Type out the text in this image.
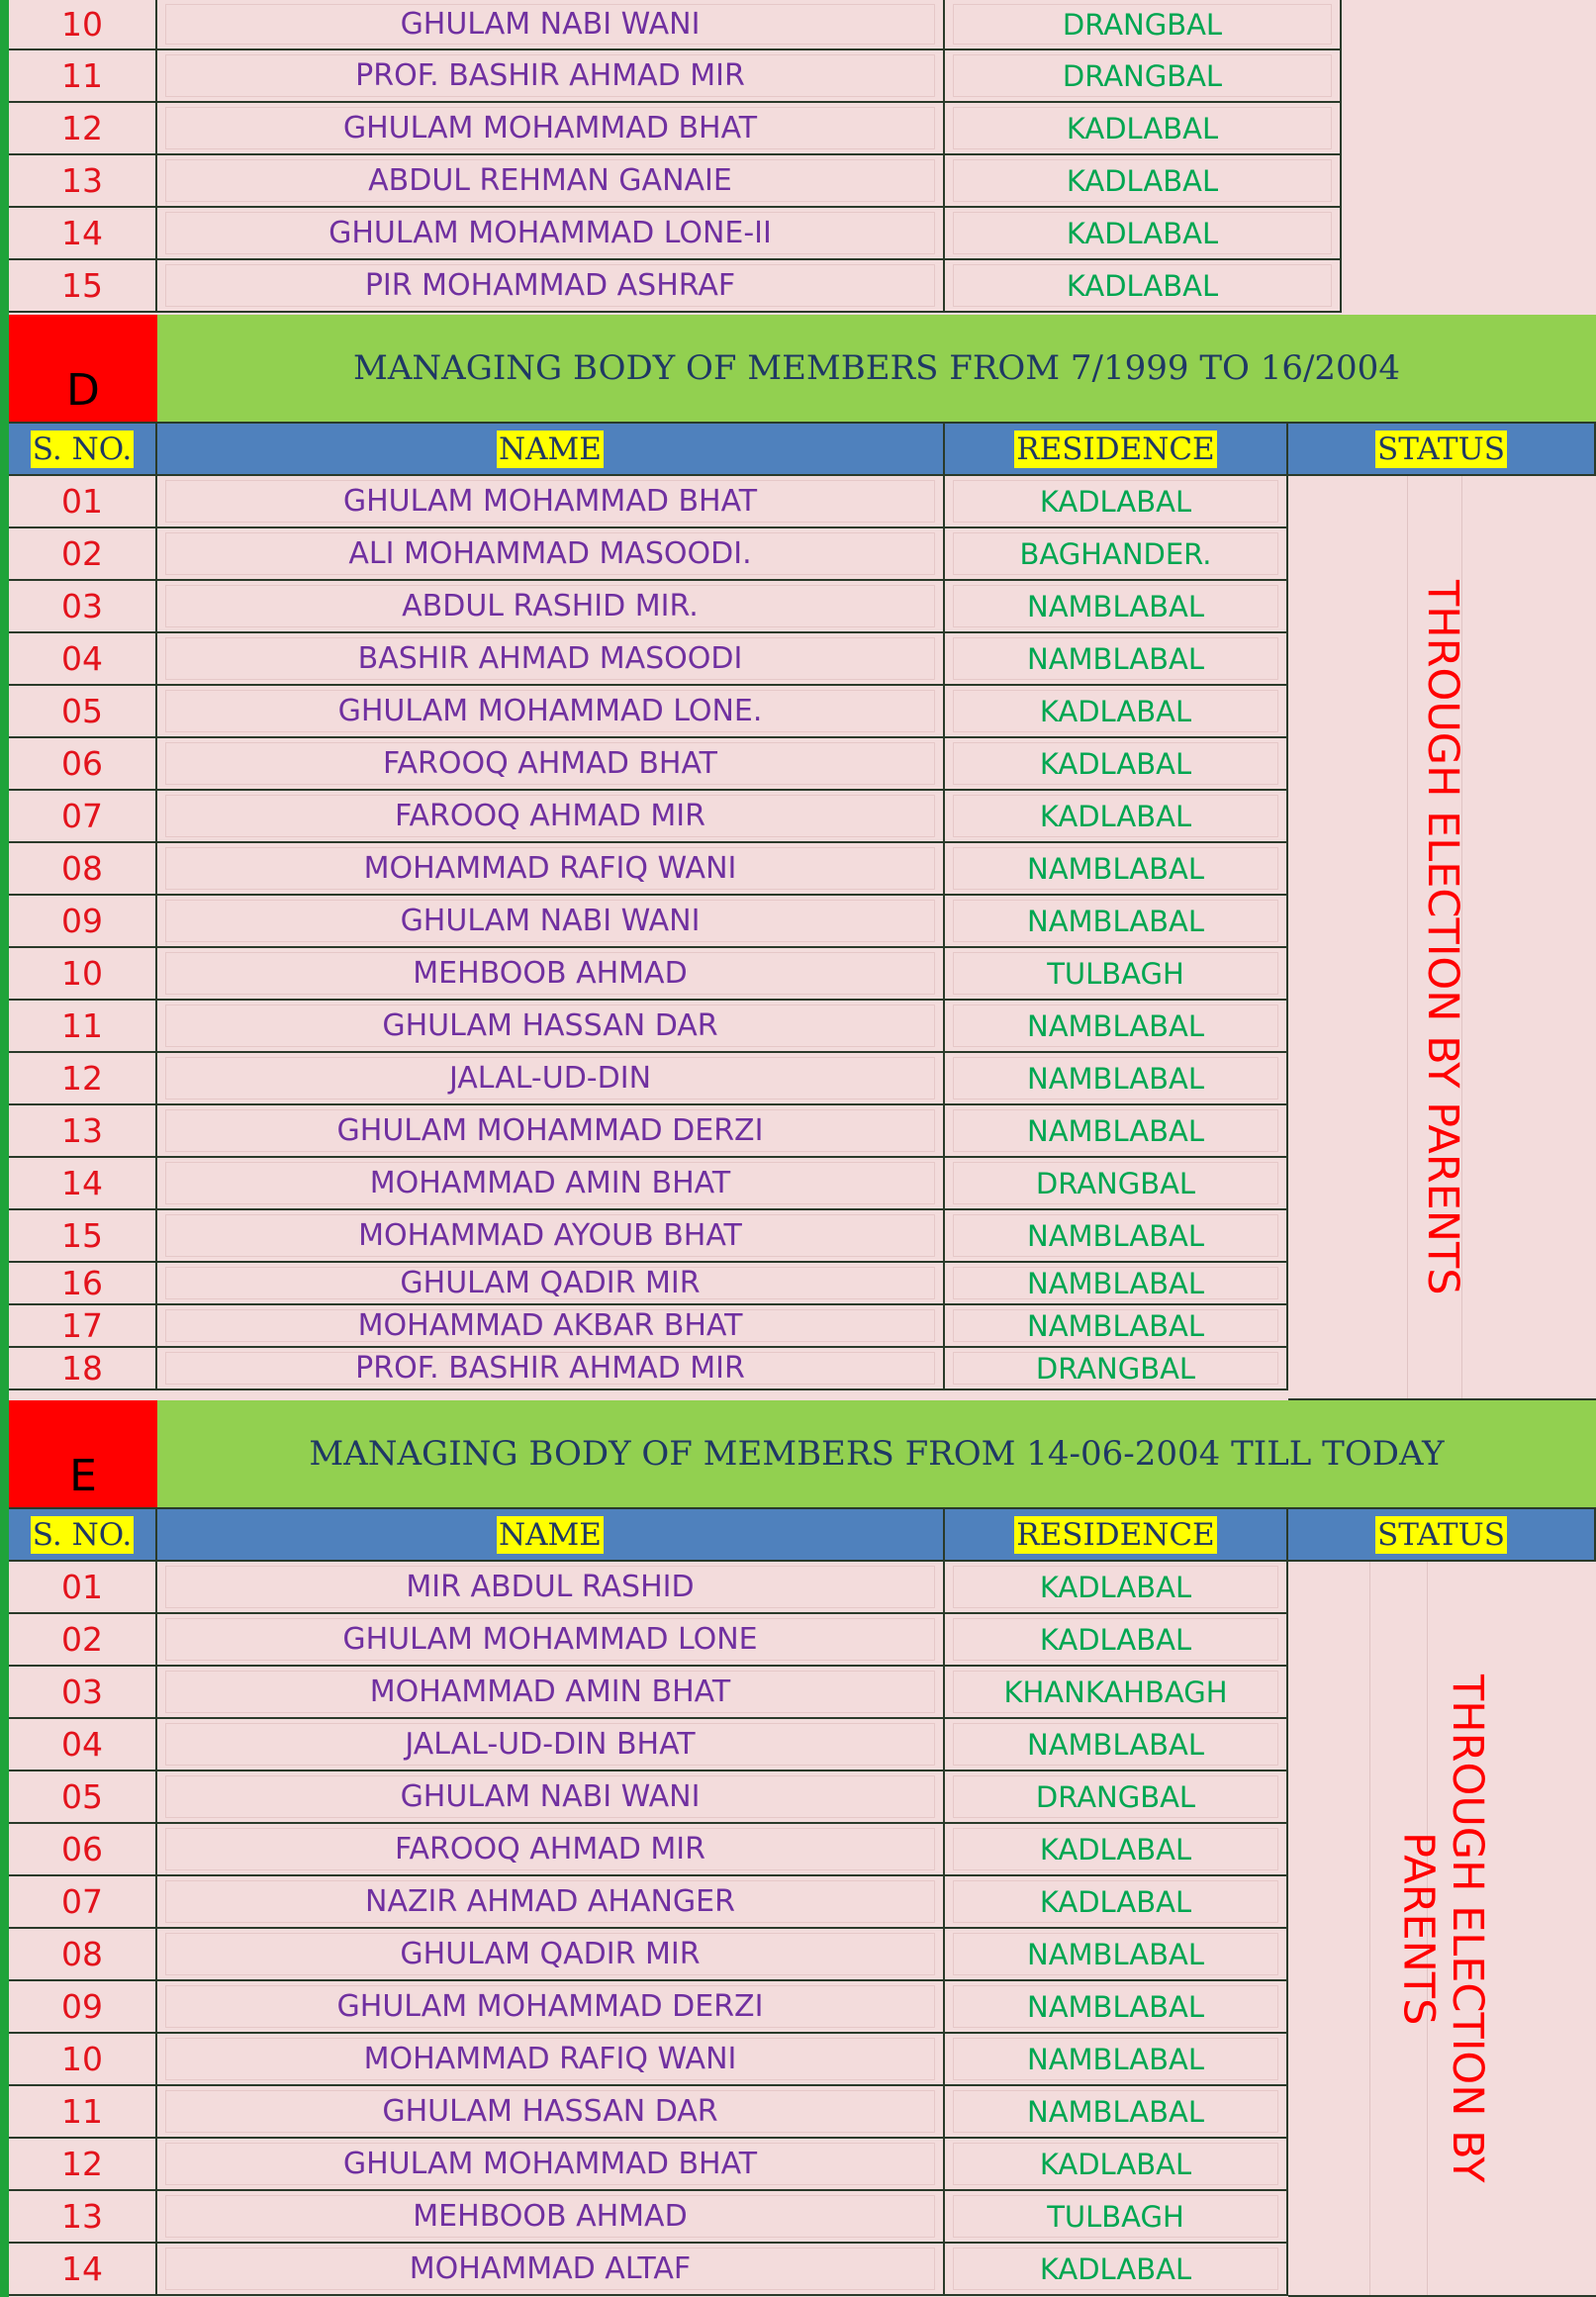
10	GHULAM NABI WANI	DRANGBAL
11	PROF. BASHIR AHMAD MIR	DRANGBAL
12	GHULAM MOHAMMAD BHAT	KADLABAL
13	ABDUL REHMAN GANAIE	KADLABAL
14	GHULAM MOHAMMAD LONE-II	KADLABAL
15	PIR MOHAMMAD ASHRAF	KADLABAL
D	MANAGING BODY OF MEMBERS FROM 7/1999 TO 16/2004
S. NO.	NAME	RESIDENCE	STATUS
01	GHULAM MOHAMMAD BHAT	KADLABAL
02	ALI MOHAMMAD MASOODI.	BAGHANDER.
03	ABDUL RASHID MIR.	NAMBLABAL
04	BASHIR AHMAD MASOODI	NAMBLABAL
05	GHULAM MOHAMMAD LONE.	KADLABAL
06	FAROOQ AHMAD BHAT	KADLABAL
07	FAROOQ AHMAD MIR	KADLABAL
08	MOHAMMAD RAFIQ WANI	NAMBLABAL
09	GHULAM NABI WANI	NAMBLABAL
10	MEHBOOB AHMAD	TULBAGH
11	GHULAM HASSAN DAR	NAMBLABAL
12	JALAL-UD-DIN	NAMBLABAL
13	GHULAM MOHAMMAD DERZI	NAMBLABAL
14	MOHAMMAD AMIN BHAT	DRANGBAL
15	MOHAMMAD AYOUB BHAT	NAMBLABAL
16	GHULAM QADIR MIR	NAMBLABAL
17	MOHAMMAD AKBAR BHAT	NAMBLABAL
18	PROF. BASHIR AHMAD MIR	DRANGBAL
THROUGH ELECTION BY PARENTS
E	MANAGING BODY OF MEMBERS FROM 14-06-2004 TILL TODAY
S. NO.	NAME	RESIDENCE	STATUS
01	MIR ABDUL RASHID	KADLABAL
02	GHULAM MOHAMMAD LONE	KADLABAL
03	MOHAMMAD AMIN BHAT	KHANKAHBAGH
04	JALAL-UD-DIN BHAT	NAMBLABAL
05	GHULAM NABI WANI	DRANGBAL
06	FAROOQ AHMAD MIR	KADLABAL
07	NAZIR AHMAD AHANGER	KADLABAL
08	GHULAM QADIR MIR	NAMBLABAL
09	GHULAM MOHAMMAD DERZI	NAMBLABAL
10	MOHAMMAD RAFIQ WANI	NAMBLABAL
11	GHULAM HASSAN DAR	NAMBLABAL
12	GHULAM MOHAMMAD BHAT	KADLABAL
13	MEHBOOB AHMAD	TULBAGH
14	MOHAMMAD ALTAF	KADLABAL
THROUGH ELECTION BY
PARENTS
